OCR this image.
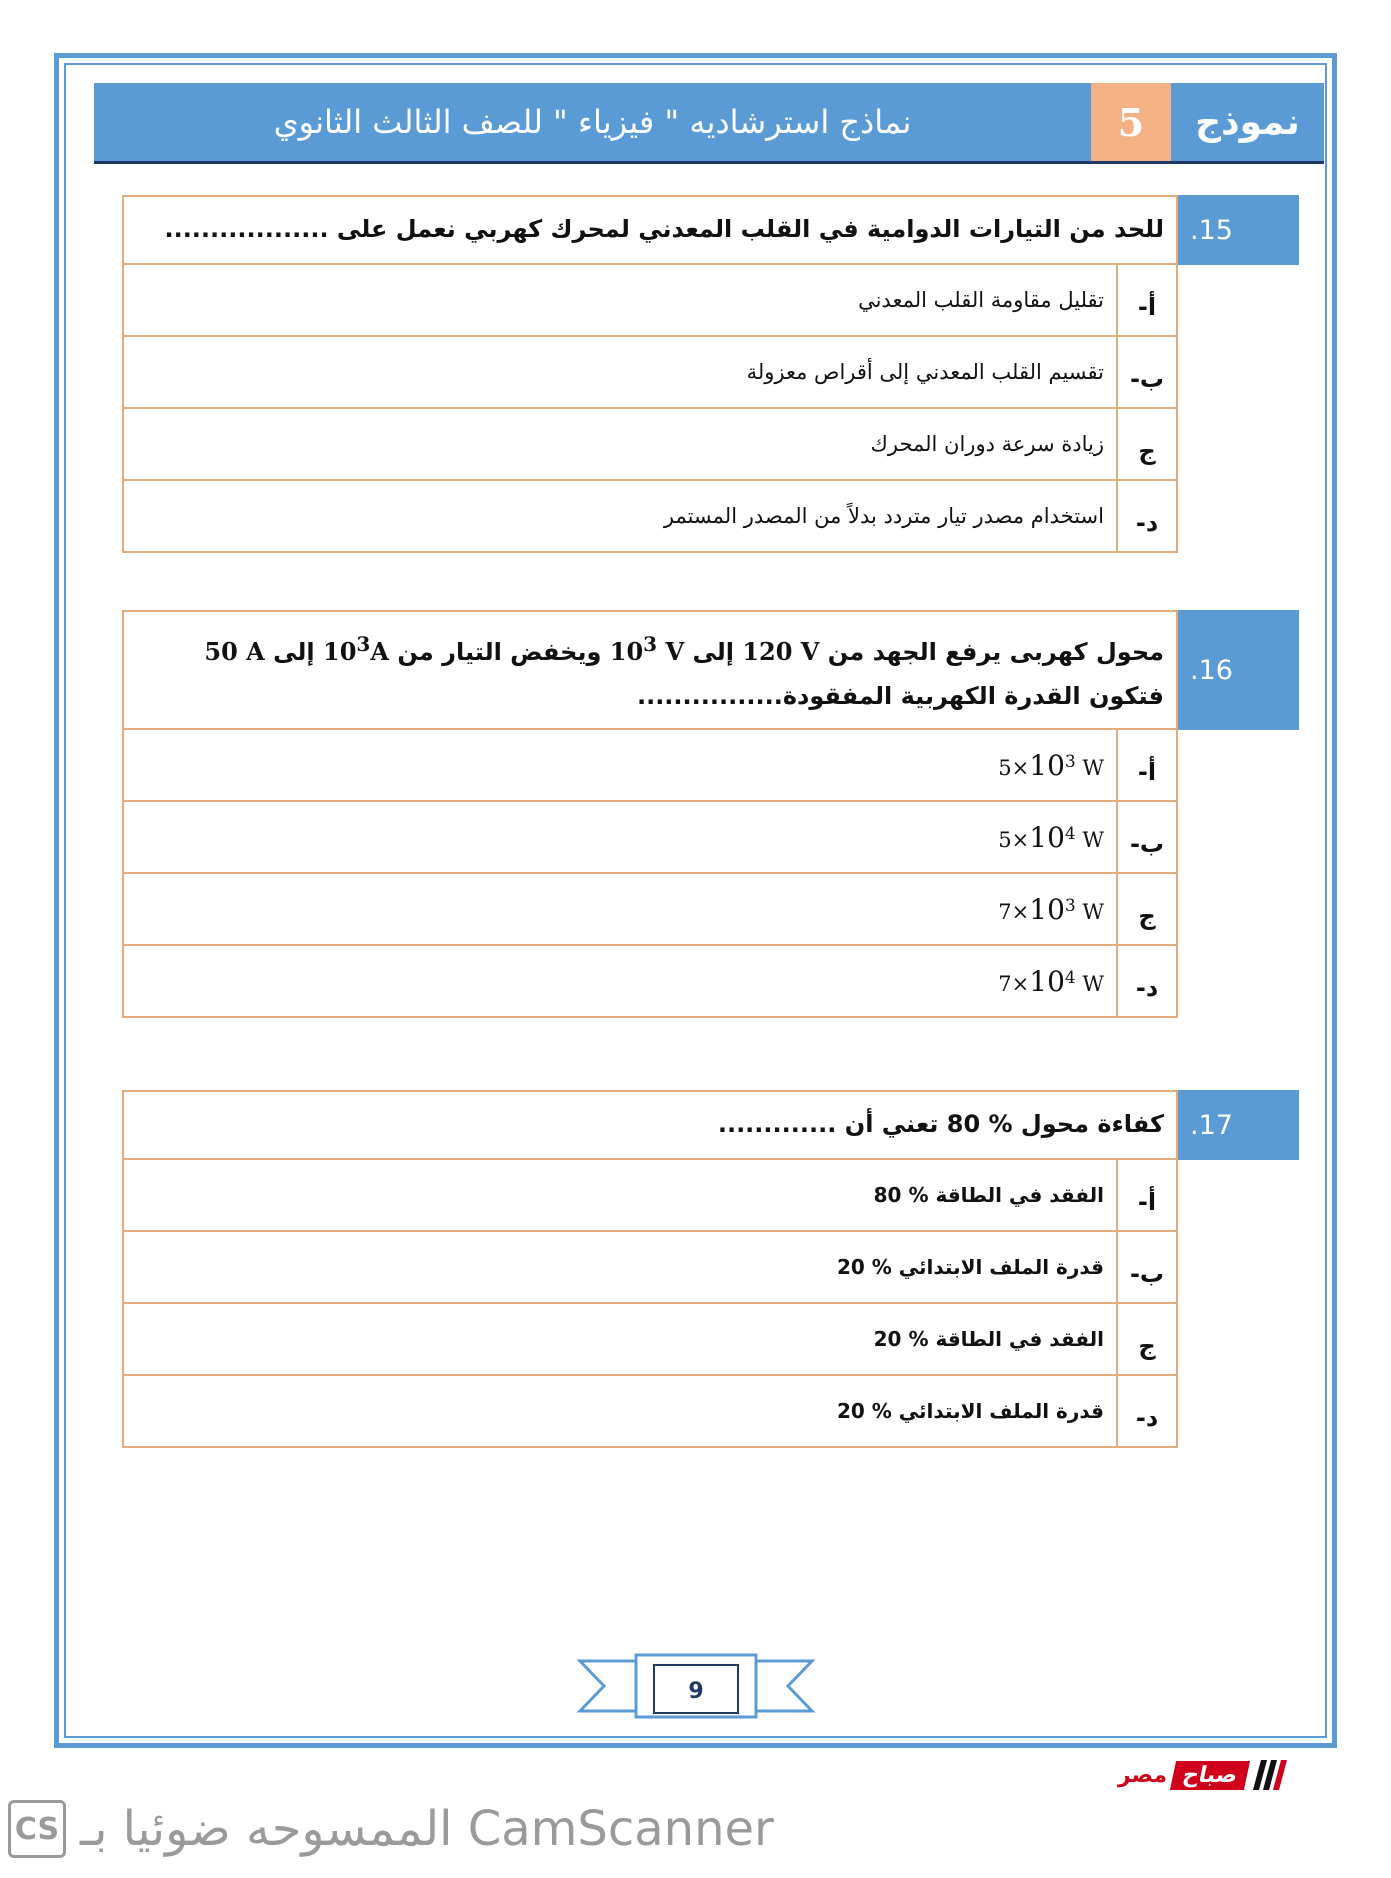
نماذج استرشاديه " فيزياء " للصف الثالث الثانوي	5	نموذج
للحد من التيارات الدوامية في القلب المعدني لمحرك كهربي نعمل على .................. .15
تقليل مقاومة القلب المعدني	أ-
تقسيم القلب المعدني إلى أقراص معزولة	ب-
زيادة سرعة دوران المحرك	ج
استخدام مصدر تيار متردد بدلاً من المصدر المستمر	د-
محول كهربى يرفع الجهد من 120 V إلى $10^3$ V ويخفض التيار من $10^3A$ إلى 50 A
فتكون القدرة الكهربية المفقودة................
.16
$5\times 10^3$ W	أ-
$5\times 10^4$ W	ب-
$7\times 10^3$ W	ج
$7\times 10^4$ W	د-
كفاءة محول % 80 تعني أن ............. .17
الفقد في الطاقة % 80	أ-
قدرة الملف الابتدائي % 20	ب-
الفقد في الطاقة % 20	ج
قدرة الملف الابتدائي % 20	د-
9
مصر صباح
CS الممسوحه ضوئيا بـ CamScanner
